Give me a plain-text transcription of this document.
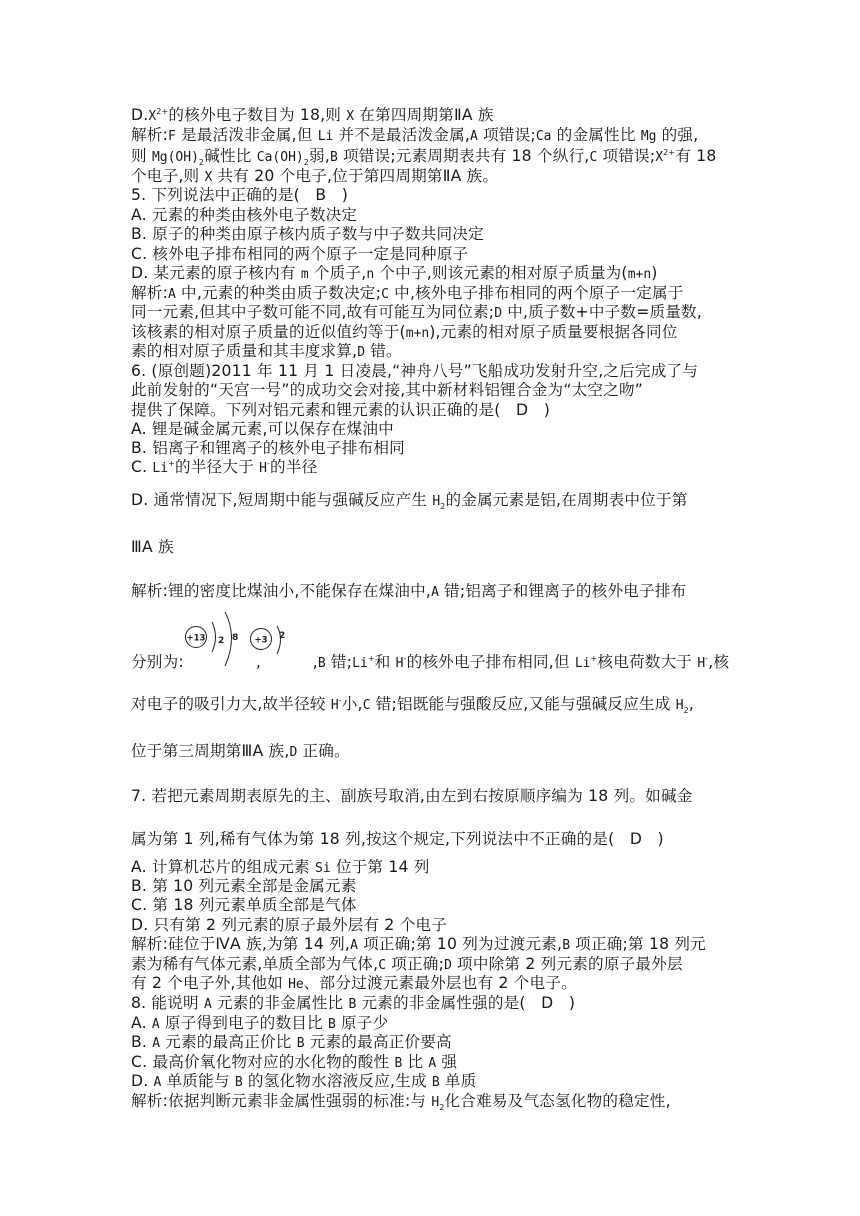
$D.X^{2+}$的核外电子数目为 18,则 X 在第四周期第ⅡA 族
解析:F 是最活泼非金属,但 Li 并不是最活泼金属,A 项错误;Ca 的金属性比 Mg 的强,
则 $Mg(OH)_2$碱性比 $Ca(OH)_2$弱,B 项错误;元素周期表共有 18 个纵行,C 项错误$;X^{2+}$有 18
个电子,则 X 共有 20 个电子,位于第四周期第ⅡA 族。
5. 下列说法中正确的是(   B   )
A. 元素的种类由核外电子数决定
B. 原子的种类由原子核内质子数与中子数共同决定
C. 核外电子排布相同的两个原子一定是同种原子
D. 某元素的原子核内有 m 个质子,n 个中子,则该元素的相对原子质量为(m+n)
解析:A 中,元素的种类由质子数决定;C 中,核外电子排布相同的两个原子一定属于
同一元素,但其中子数可能不同,故有可能互为同位素;D 中,质子数+中子数=质量数,
该核素的相对原子质量的近似值约等于(m+n),元素的相对原子质量要根据各同位
素的相对原子质量和其丰度求算,D 错。
6. (原创题)2011 年 11 月 1 日凌晨,“神舟八号”飞船成功发射升空,之后完成了与
此前发射的“天宫一号”的成功交会对接,其中新材料铝锂合金为“太空之吻”
提供了保障。下列对铝元素和锂元素的认识正确的是(   D   )
A. 锂是碱金属元素,可以保存在煤油中
B. 铝离子和锂离子的核外电子排布相同
C. Li+的半径大于 H-的半径
D. 通常情况下,短周期中能与强碱反应产生 $H_2$的金属元素是铝,在周期表中位于第
ⅢA 族
解析:锂的密度比煤油小,不能保存在煤油中,A 错;铝离子和锂离子的核外电子排布
分别为:              ,          ,B 错;Li+和 H-的核外电子排布相同,但 Li+核电荷数大于 H-,核
对电子的吸引力大,故半径较 H-小,C 错;铝既能与强酸反应,又能与强碱反应生成 $H_2$,
位于第三周期第ⅢA 族,D 正确。
7. 若把元素周期表原先的主、副族号取消,由左到右按原顺序编为 18 列。如碱金
属为第 1 列,稀有气体为第 18 列,按这个规定,下列说法中不正确的是(   D   )
A. 计算机芯片的组成元素 Si 位于第 14 列
B. 第 10 列元素全部是金属元素
C. 第 18 列元素单质全部是气体
D. 只有第 2 列元素的原子最外层有 2 个电子
解析:硅位于ⅣA 族,为第 14 列,A 项正确;第 10 列为过渡元素,B 项正确;第 18 列元
素为稀有气体元素,单质全部为气体,C 项正确;D 项中除第 2 列元素的原子最外层
有 2 个电子外,其他如 He、部分过渡元素最外层也有 2 个电子。
8. 能说明 A 元素的非金属性比 B 元素的非金属性强的是(   D   )
A. A 原子得到电子的数目比 B 原子少
B. A 元素的最高正价比 B 元素的最高正价要高
C. 最高价氧化物对应的水化物的酸性 B 比 A 强
D. A 单质能与 B 的氢化物水溶液反应,生成 B 单质
解析:依据判断元素非金属性强弱的标准:与 $H_2$化合难易及气态氢化物的稳定性,
+13 2 8 +3 2
